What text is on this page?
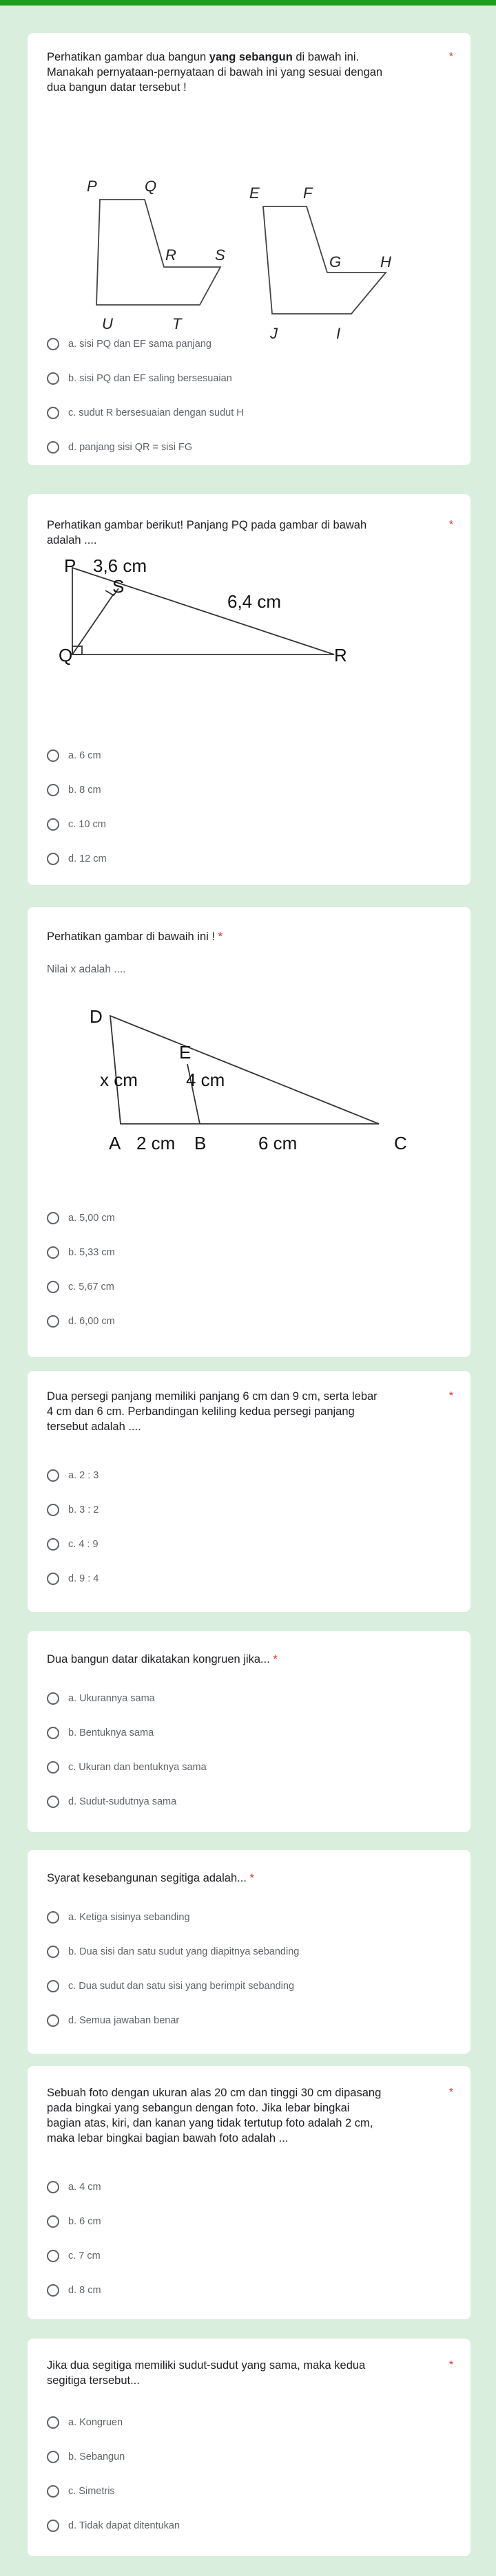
Perhatikan gambar dua bangun yang sebangun di bawah ini.
Manakah pernyataan-pernyataan di bawah ini yang sesuai dengan
dua bangun datar tersebut !
*
P	Q
R	S
U	T
E	F
G	H
J	I
a. sisi PQ dan EF sama panjang
b. sisi PQ dan EF saling bersesuaian
c. sudut R bersesuaian dengan sudut H
d. panjang sisi QR = sisi FG
Perhatikan gambar berikut! Panjang PQ pada gambar di bawah
adalah ....
*
P
S
Q	R
3,6 cm
6,4 cm
a. 6 cm
b. 8 cm
c. 10 cm
d. 12 cm
Perhatikan gambar di bawaih ini ! *
Nilai x adalah ....
D
E
A	B	C
x cm	4 cm
2 cm	6 cm
a. 5,00 cm
b. 5,33 cm
c. 5,67 cm
d. 6,00 cm
Dua persegi panjang memiliki panjang 6 cm dan 9 cm, serta lebar
4 cm dan 6 cm. Perbandingan keliling kedua persegi panjang
tersebut adalah ....
*
a. 2 : 3
b. 3 : 2
c. 4 : 9
d. 9 : 4
Dua bangun datar dikatakan kongruen jika... *
a. Ukurannya sama
b. Bentuknya sama
c. Ukuran dan bentuknya sama
d. Sudut-sudutnya sama
Syarat kesebangunan segitiga adalah... *
a. Ketiga sisinya sebanding
b. Dua sisi dan satu sudut yang diapitnya sebanding
c. Dua sudut dan satu sisi yang berimpit sebanding
d. Semua jawaban benar
Sebuah foto dengan ukuran alas 20 cm dan tinggi 30 cm dipasang
pada bingkai yang sebangun dengan foto. Jika lebar bingkai
bagian atas, kiri, dan kanan yang tidak tertutup foto adalah 2 cm,
maka lebar bingkai bagian bawah foto adalah ...
*
a. 4 cm
b. 6 cm
c. 7 cm
d. 8 cm
Jika dua segitiga memiliki sudut-sudut yang sama, maka kedua
segitiga tersebut...
*
a. Kongruen
b. Sebangun
c. Simetris
d. Tidak dapat ditentukan
